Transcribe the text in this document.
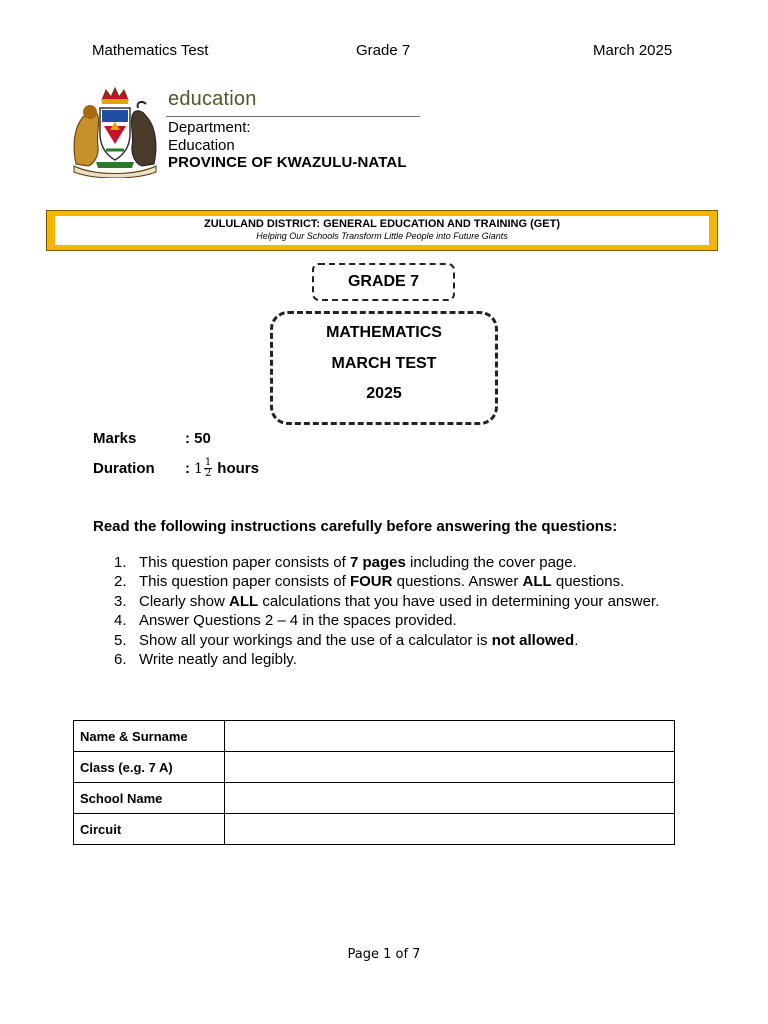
Mathematics Test	Grade 7	March 2025
education
Department:
Education
PROVINCE OF KWAZULU-NATAL
ZULULAND DISTRICT: GENERAL EDUCATION AND TRAINING (GET)
Helping Our Schools Transform Little People into Future Giants
GRADE 7
MATHEMATICS
MARCH TEST
2025
Marks	: 50
Duration : $1 \frac{1}{2}$ hours
Read the following instructions carefully before answering the questions:
1. This question paper consists of 7 pages including the cover page.
2. This question paper consists of FOUR questions. Answer ALL questions.
3. Clearly show ALL calculations that you have used in determining your answer.
4. Answer Questions 2 – 4 in the spaces provided.
5. Show all your workings and the use of a calculator is not allowed.
6. Write neatly and legibly.
Name & Surname	
Class (e.g. 7 A)	
School Name	
Circuit	
Page 1 of 7
